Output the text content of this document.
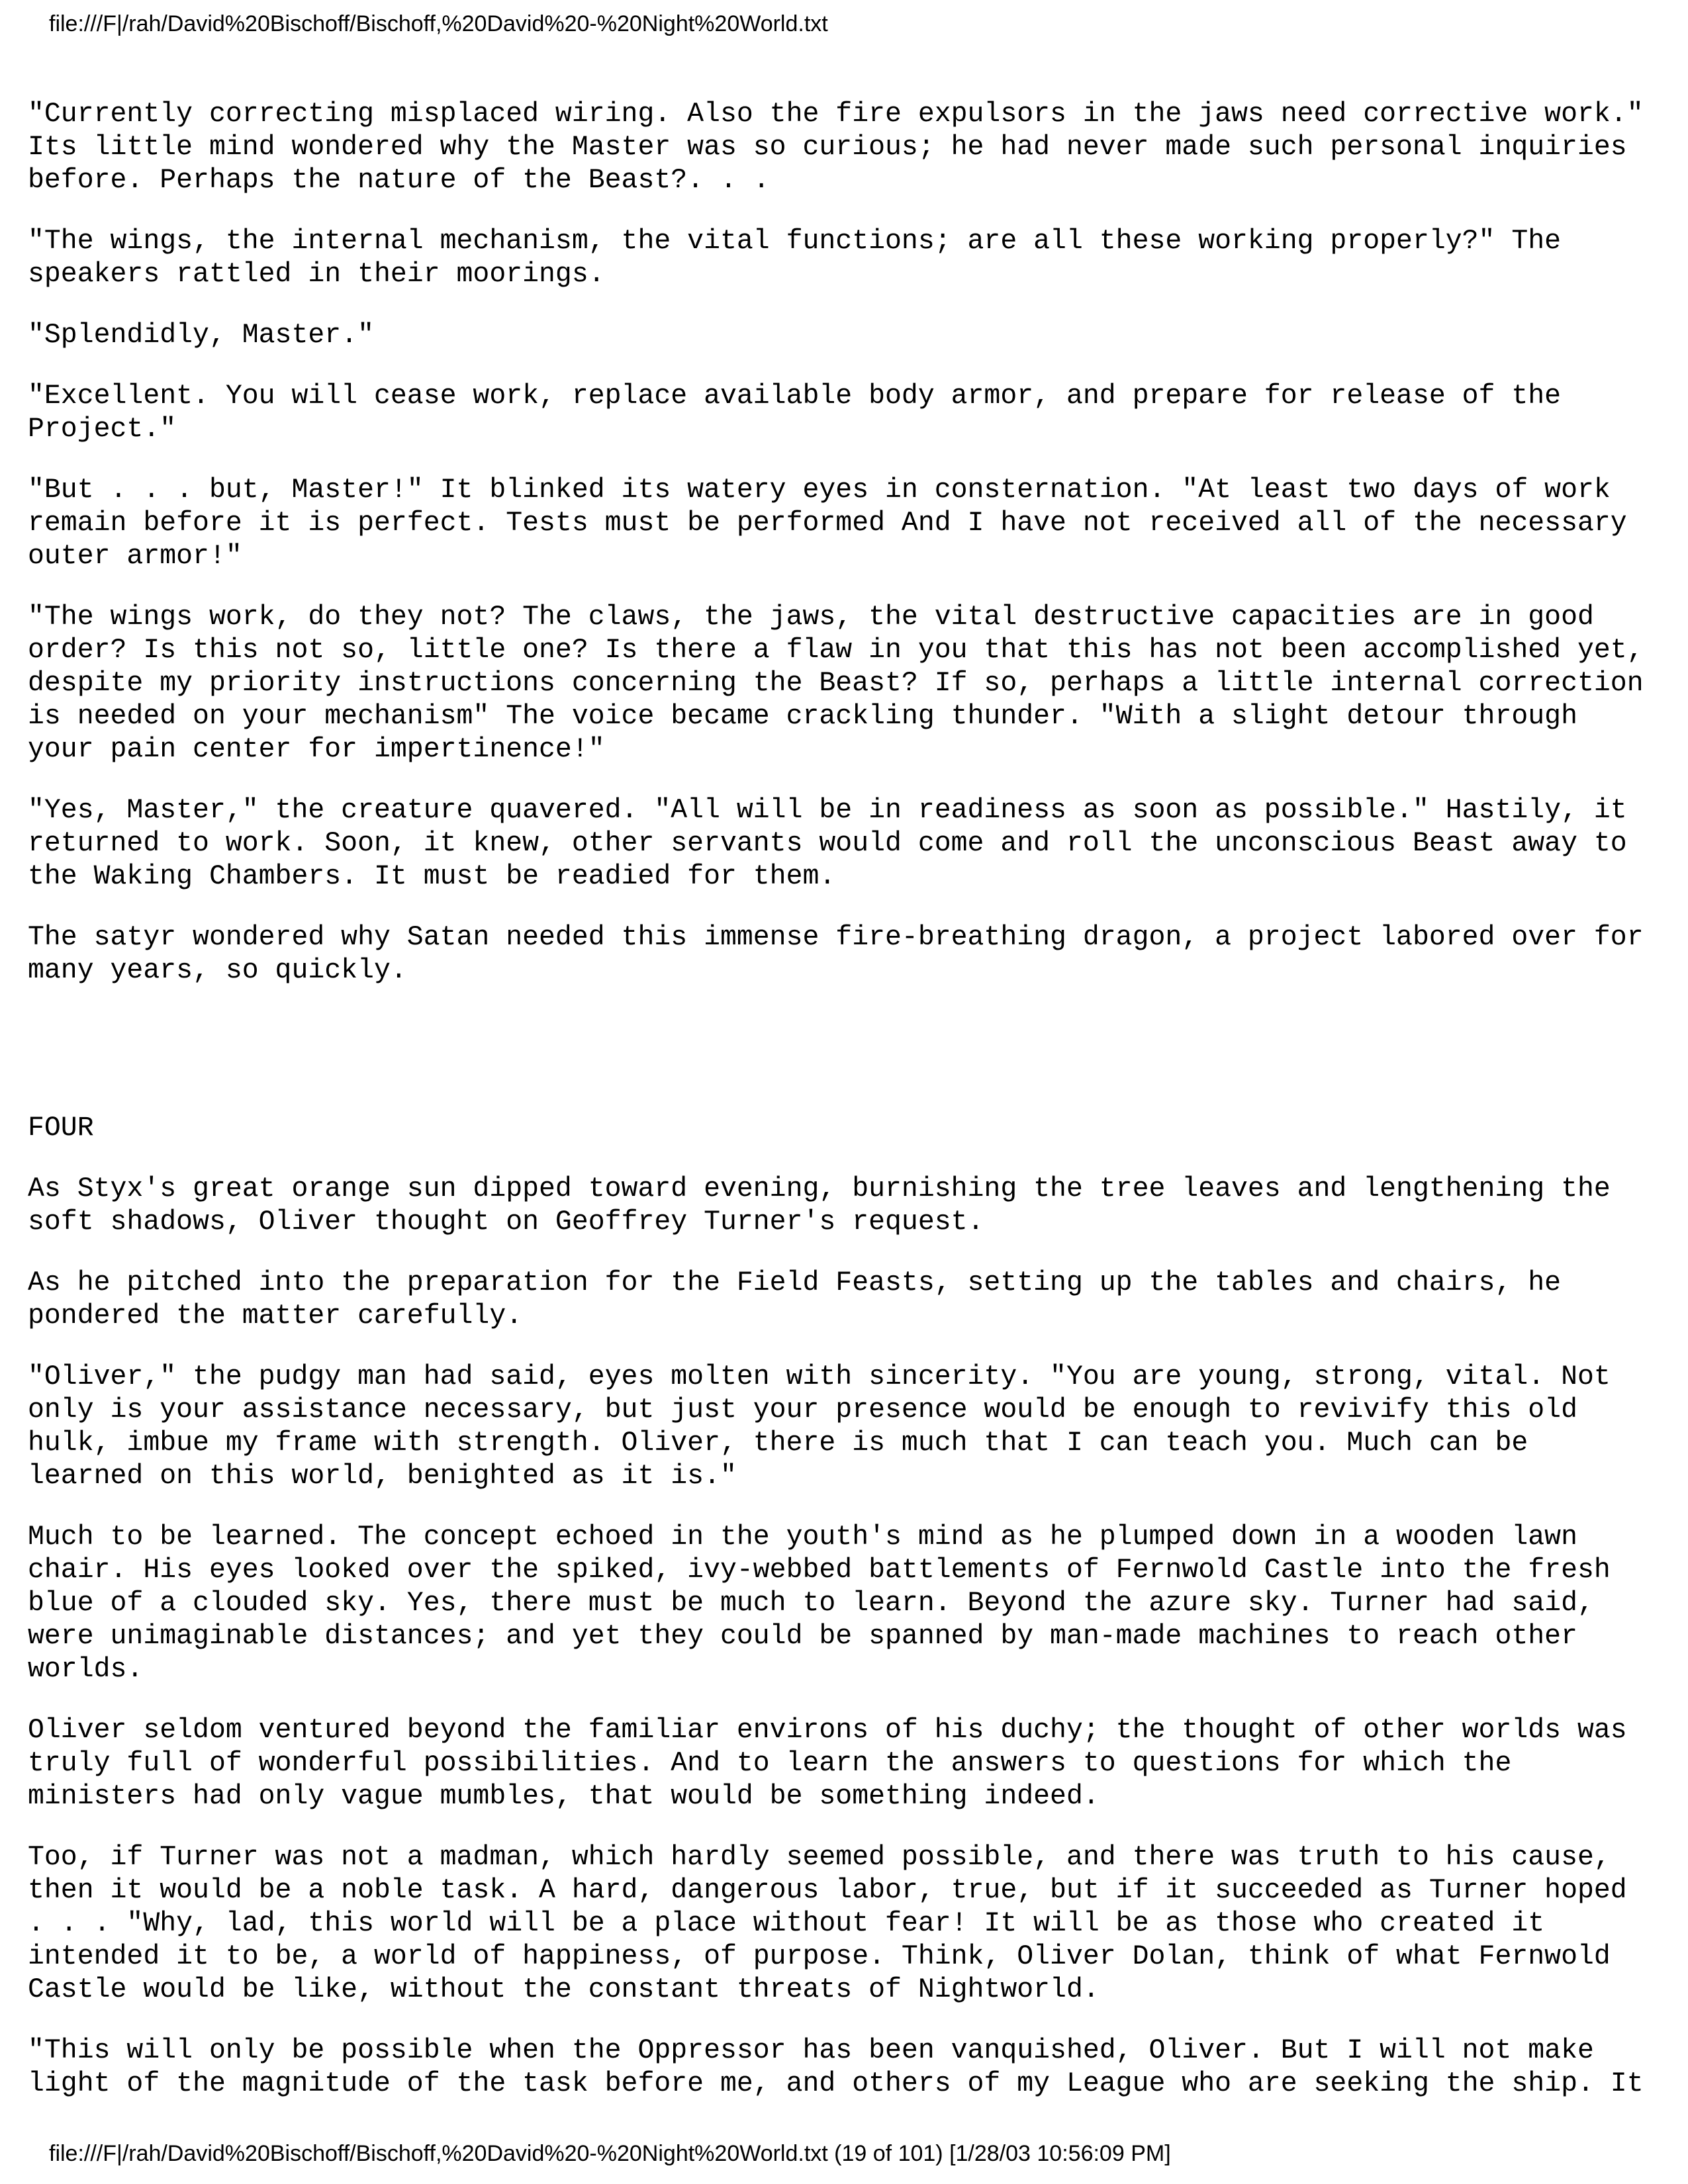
file:///F|/rah/David%20Bischoff/Bischoff,%20David%20-%20Night%20World.txt

"Currently correcting misplaced wiring. Also the fire expulsors in the jaws need corrective work."
Its little mind wondered why the Master was so curious; he had never made such personal inquiries
before. Perhaps the nature of the Beast?. . .

"The wings, the internal mechanism, the vital functions; are all these working properly?" The
speakers rattled in their moorings.

"Splendidly, Master."

"Excellent. You will cease work, replace available body armor, and prepare for release of the
Project."

"But . . . but, Master!" It blinked its watery eyes in consternation. "At least two days of work
remain before it is perfect. Tests must be performed And I have not received all of the necessary
outer armor!"

"The wings work, do they not? The claws, the jaws, the vital destructive capacities are in good
order? Is this not so, little one? Is there a flaw in you that this has not been accomplished yet,
despite my priority instructions concerning the Beast? If so, perhaps a little internal correction
is needed on your mechanism" The voice became crackling thunder. "With a slight detour through
your pain center for impertinence!"

"Yes, Master," the creature quavered. "All will be in readiness as soon as possible." Hastily, it
returned to work. Soon, it knew, other servants would come and roll the unconscious Beast away to
the Waking Chambers. It must be readied for them.

The satyr wondered why Satan needed this immense fire-breathing dragon, a project labored over for
many years, so quickly.

FOUR

As Styx's great orange sun dipped toward evening, burnishing the tree leaves and lengthening the
soft shadows, Oliver thought on Geoffrey Turner's request.

As he pitched into the preparation for the Field Feasts, setting up the tables and chairs, he
pondered the matter carefully.

"Oliver," the pudgy man had said, eyes molten with sincerity. "You are young, strong, vital. Not
only is your assistance necessary, but just your presence would be enough to revivify this old
hulk, imbue my frame with strength. Oliver, there is much that I can teach you. Much can be
learned on this world, benighted as it is."

Much to be learned. The concept echoed in the youth's mind as he plumped down in a wooden lawn
chair. His eyes looked over the spiked, ivy-webbed battlements of Fernwold Castle into the fresh
blue of a clouded sky. Yes, there must be much to learn. Beyond the azure sky. Turner had said,
were unimaginable distances; and yet they could be spanned by man-made machines to reach other
worlds.

Oliver seldom ventured beyond the familiar environs of his duchy; the thought of other worlds was
truly full of wonderful possibilities. And to learn the answers to questions for which the
ministers had only vague mumbles, that would be something indeed.

Too, if Turner was not a madman, which hardly seemed possible, and there was truth to his cause,
then it would be a noble task. A hard, dangerous labor, true, but if it succeeded as Turner hoped
. . . "Why, lad, this world will be a place without fear! It will be as those who created it
intended it to be, a world of happiness, of purpose. Think, Oliver Dolan, think of what Fernwold
Castle would be like, without the constant threats of Nightworld.

"This will only be possible when the Oppressor has been vanquished, Oliver. But I will not make
light of the magnitude of the task before me, and others of my League who are seeking the ship. It

file:///F|/rah/David%20Bischoff/Bischoff,%20David%20-%20Night%20World.txt (19 of 101) [1/28/03 10:56:09 PM]
